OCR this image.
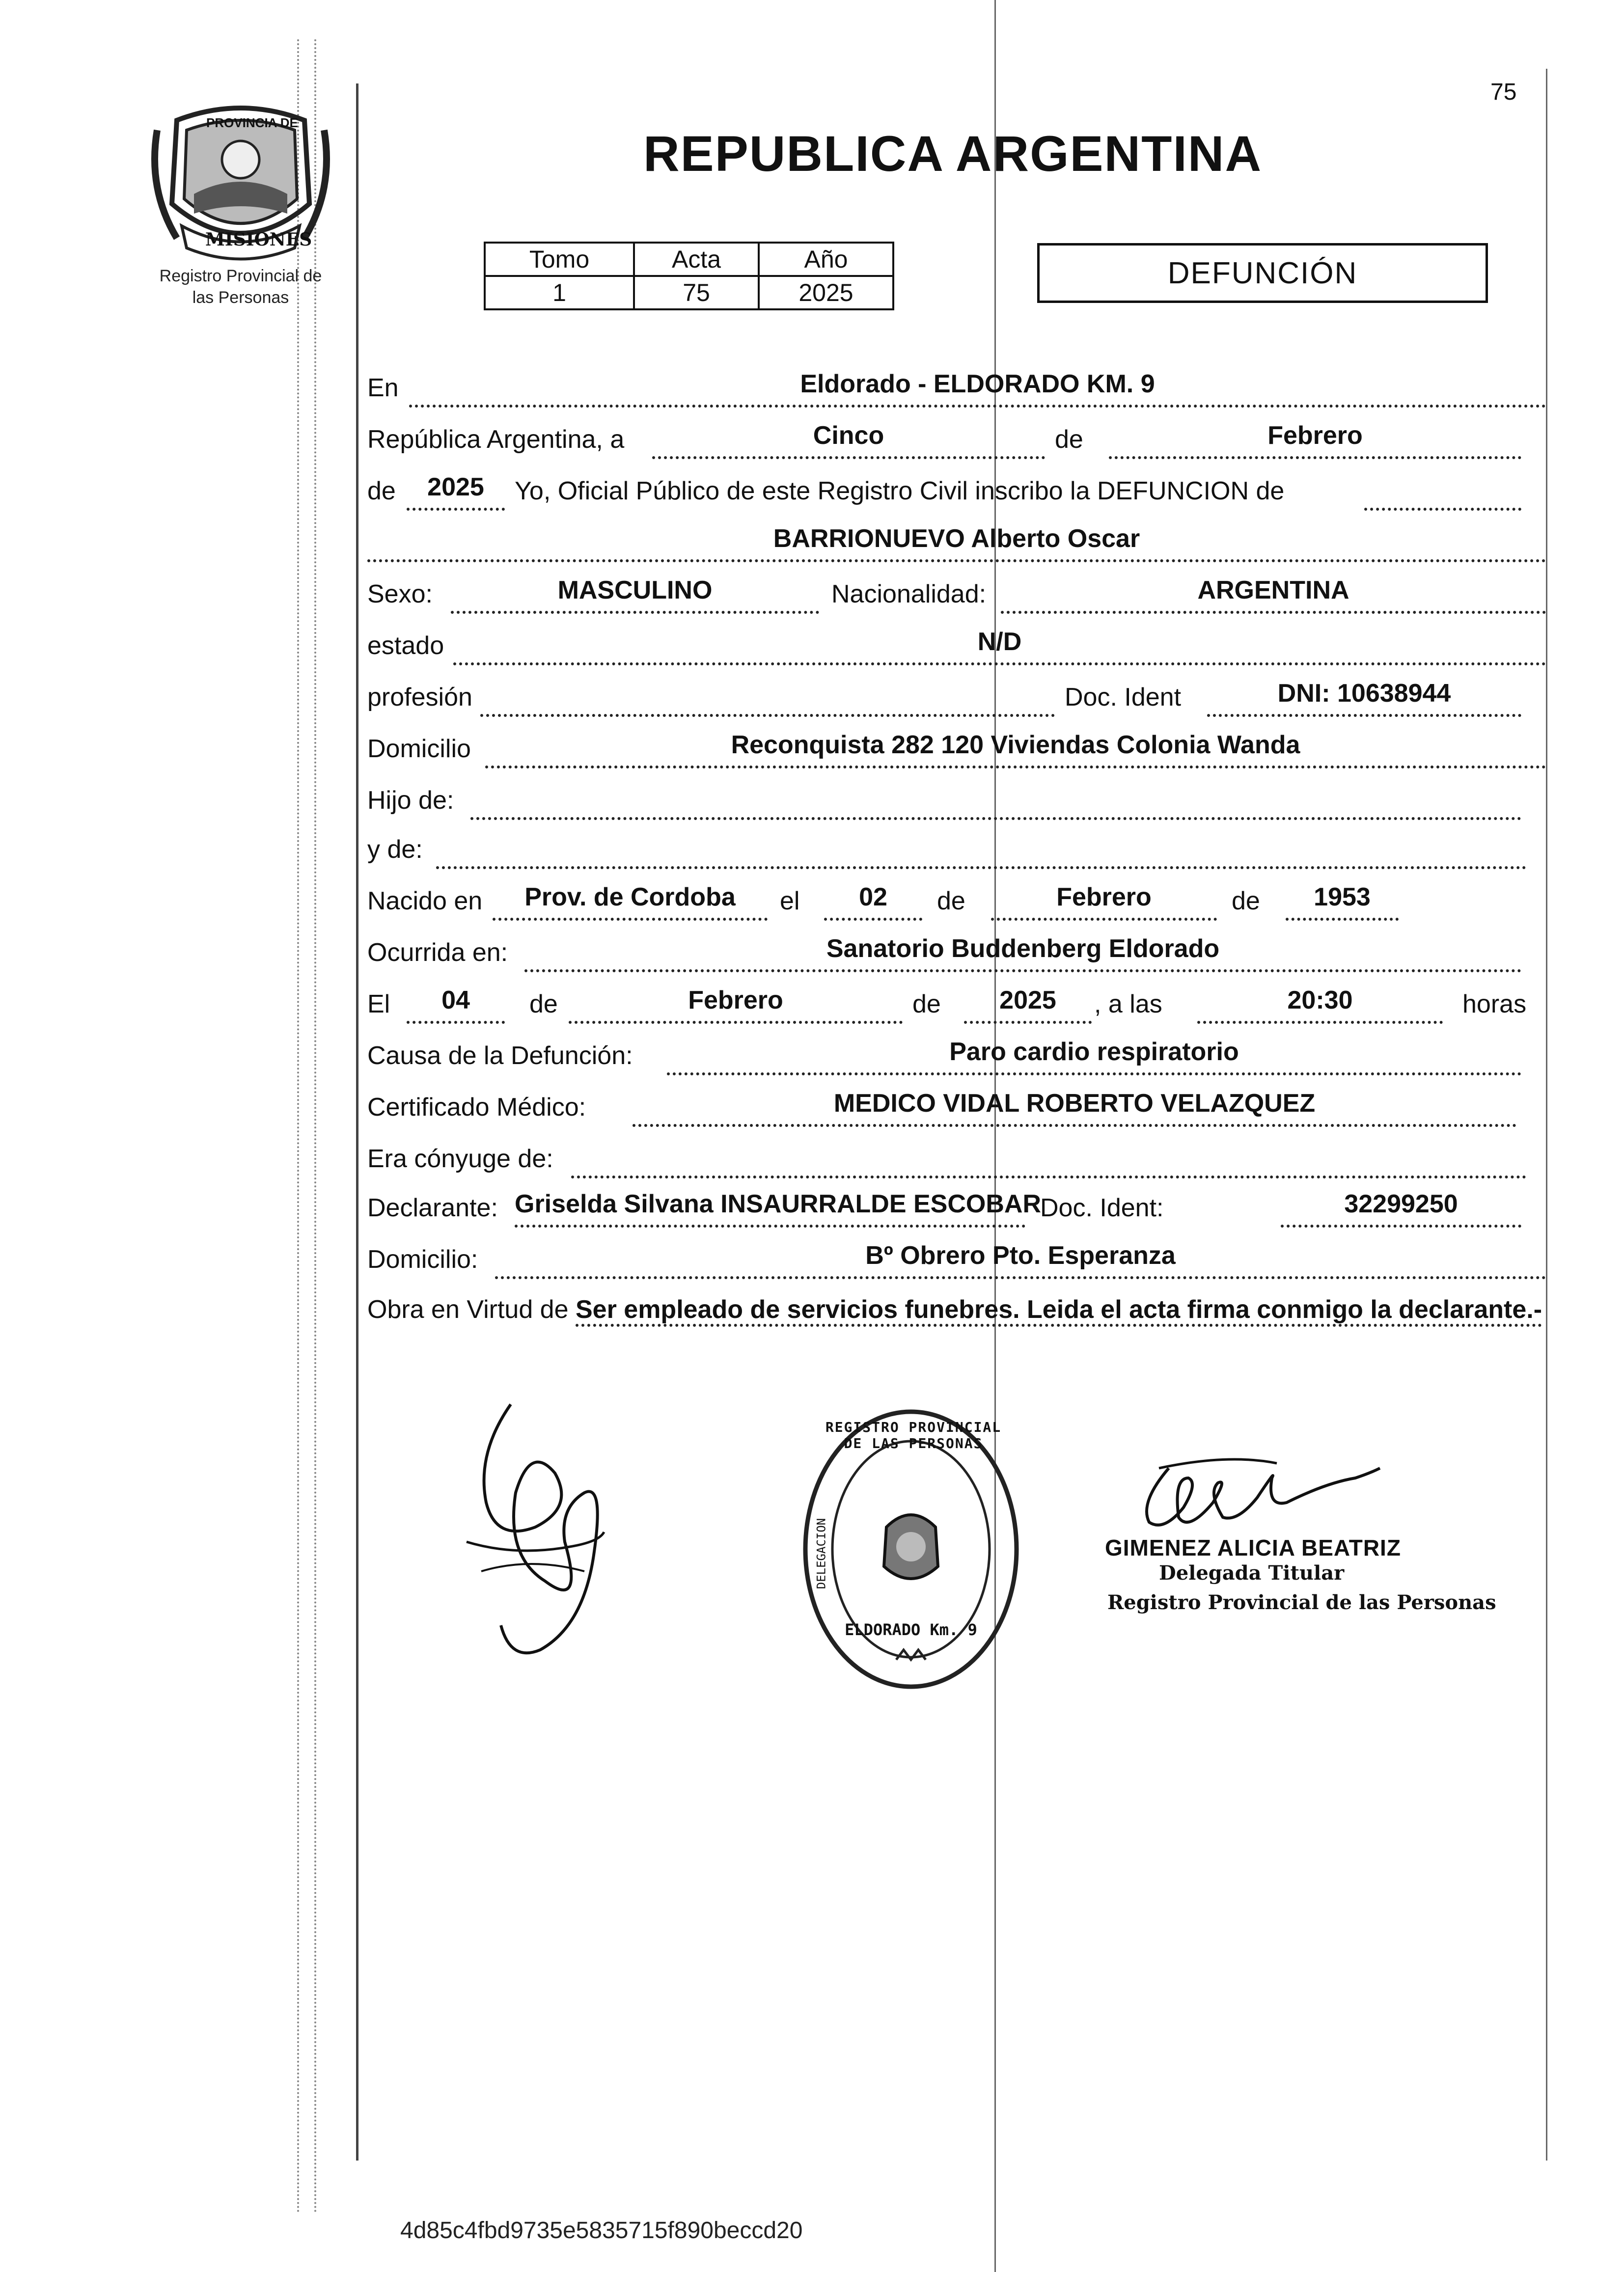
PROVINCIA DE
MISIONES
Registro Provincial de
las Personas
75
REPUBLICA ARGENTINA
Tomo	Acta	Año
1	75	2025
DEFUNCIÓN
En	Eldorado - ELDORADO KM. 9
República Argentina, a	Cinco	de	Febrero
de	2025	Yo, Oficial Público de este Registro Civil inscribo la DEFUNCION de
BARRIONUEVO Alberto Oscar
Sexo:	MASCULINO	Nacionalidad:	ARGENTINA
estado	N/D
profesión	Doc. Ident	DNI: 10638944
Domicilio	Reconquista 282 120 Viviendas Colonia Wanda
Hijo de:
y de:
Nacido en	Prov. de Cordoba	el	02	de	Febrero	de	1953
Ocurrida en:	Sanatorio Buddenberg Eldorado
El	04	de	Febrero	de	2025	, a las	20:30	horas
Causa de la Defunción:	Paro cardio respiratorio
Certificado Médico:	MEDICO VIDAL ROBERTO VELAZQUEZ
Era cónyuge de:
Declarante: Griselda Silvana INSAURRALDE ESCOBAR
Doc. Ident:	32299250
Domicilio:	Bº Obrero Pto. Esperanza
Obra en Virtud de Ser empleado de servicios funebres. Leida el acta firma conmigo la declarante.-
REGISTRO PROVINCIAL DE LAS PERSONAS
ELDORADO Km. 9
DELEGACION	GIMENEZ ALICIA BEATRIZ
Delegada Titular
Registro Provincial de las Personas
4d85c4fbd9735e5835715f890beccd20
